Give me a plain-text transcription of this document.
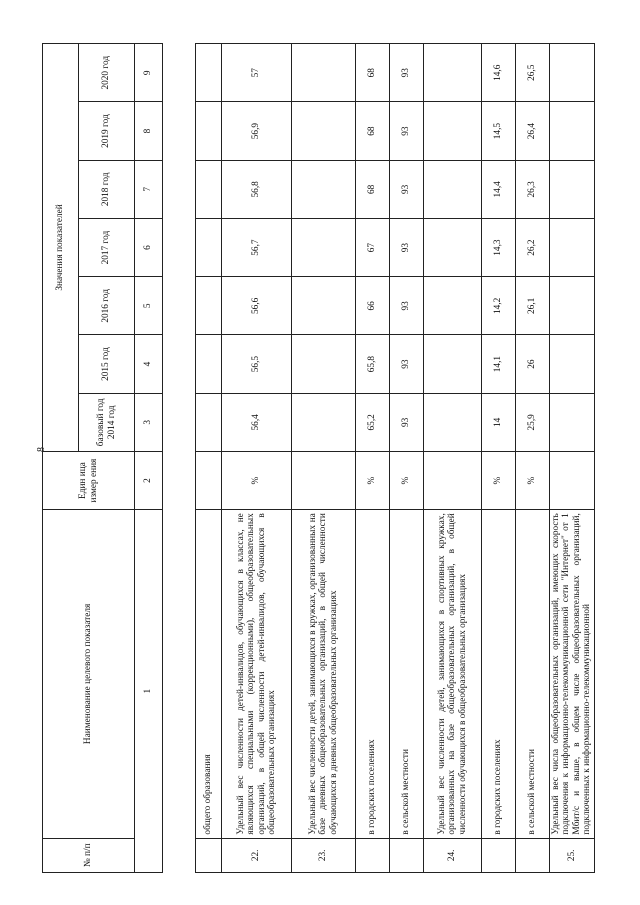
8
№ п/п	Наименование целевого показателя	Един ица измер ения	Значения показателей						
			базовый год 2014 год	2015 год	2016 год	2017 год	2018 год	2019 год	2020 год
1		2	3	4	5	6	7	8	9

	общего образования								
22.	Удельный вес численности детей-инвалидов, обучающихся в классах, не являющихся специальными (коррекционными), общеобразовательных организаций, в общей численности детей-инвалидов, обучающихся в общеобразовательных организациях	%	56,4	56,5	56,6	56,7	56,8	56,9	57
23.	Удельный вес численности детей, занимающихся в кружках, организованных на базе дневных общеобразовательных организаций, в общей численности обучающихся в дневных общеобразовательных организациях								
	в городских поселениях	%	65,2	65,8	66	67	68	68	68
	в сельской местности	%	93	93	93	93	93	93	93
24.	Удельный вес численности детей, занимающихся в спортивных кружках, организованных на базе общеобразовательных организаций, в общей численности обучающихся в общеобразовательных организациях								
	в городских поселениях	%	14	14,1	14,2	14,3	14,4	14,5	14,6
	в сельской местности	%	25,9	26	26,1	26,2	26,3	26,4	26,5
25.	Удельный вес числа общеобразовательных организаций, имеющих скорость подключения к информационно-телекоммуникационной сети "Интернет" от 1 Мбит/с и выше, в общем числе общеобразовательных организаций, подключенных к информационно-телекоммуникационной								
